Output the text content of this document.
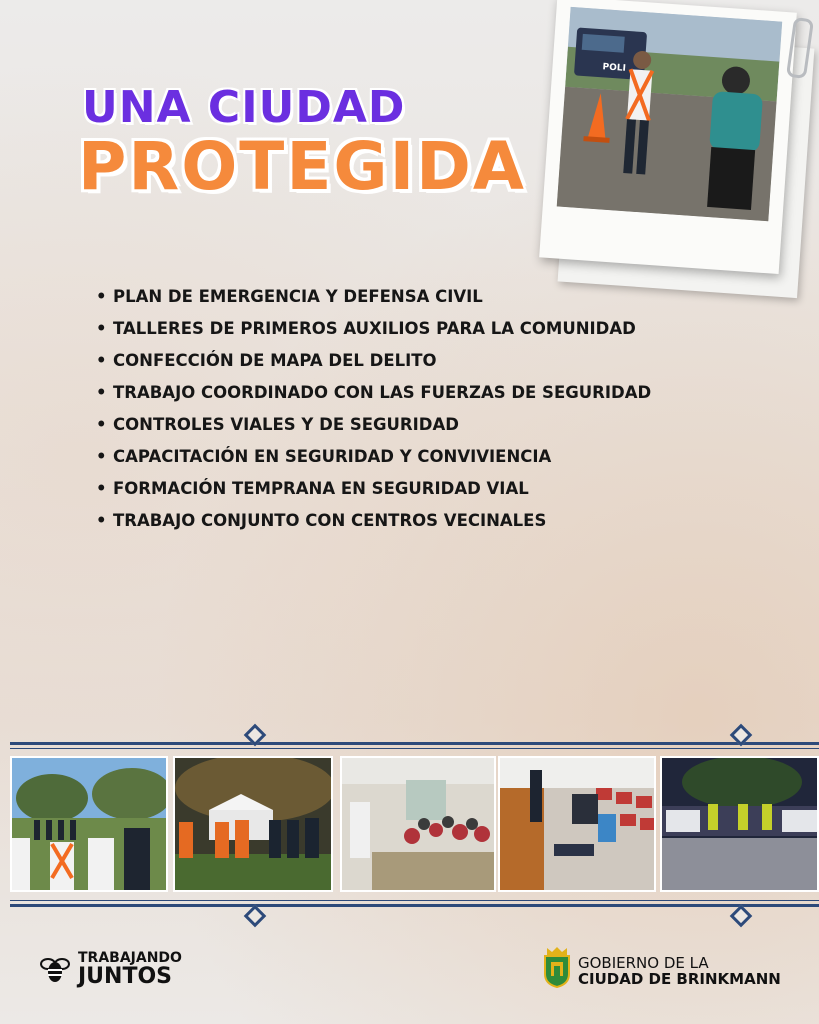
POLI
UNA CIUDAD
PROTEGIDA
• PLAN DE EMERGENCIA Y DEFENSA CIVIL
• TALLERES DE PRIMEROS AUXILIOS PARA LA COMUNIDAD
• CONFECCIÓN DE MAPA DEL DELITO
• TRABAJO COORDINADO CON LAS FUERZAS DE SEGURIDAD
• CONTROLES VIALES Y DE SEGURIDAD
• CAPACITACIÓN EN SEGURIDAD Y CONVIVIENCIA
• FORMACIÓN TEMPRANA EN SEGURIDAD VIAL
• TRABAJO CONJUNTO CON CENTROS VECINALES
TRABAJANDO
JUNTOS
GOBIERNO DE LA
CIUDAD DE BRINKMANN
